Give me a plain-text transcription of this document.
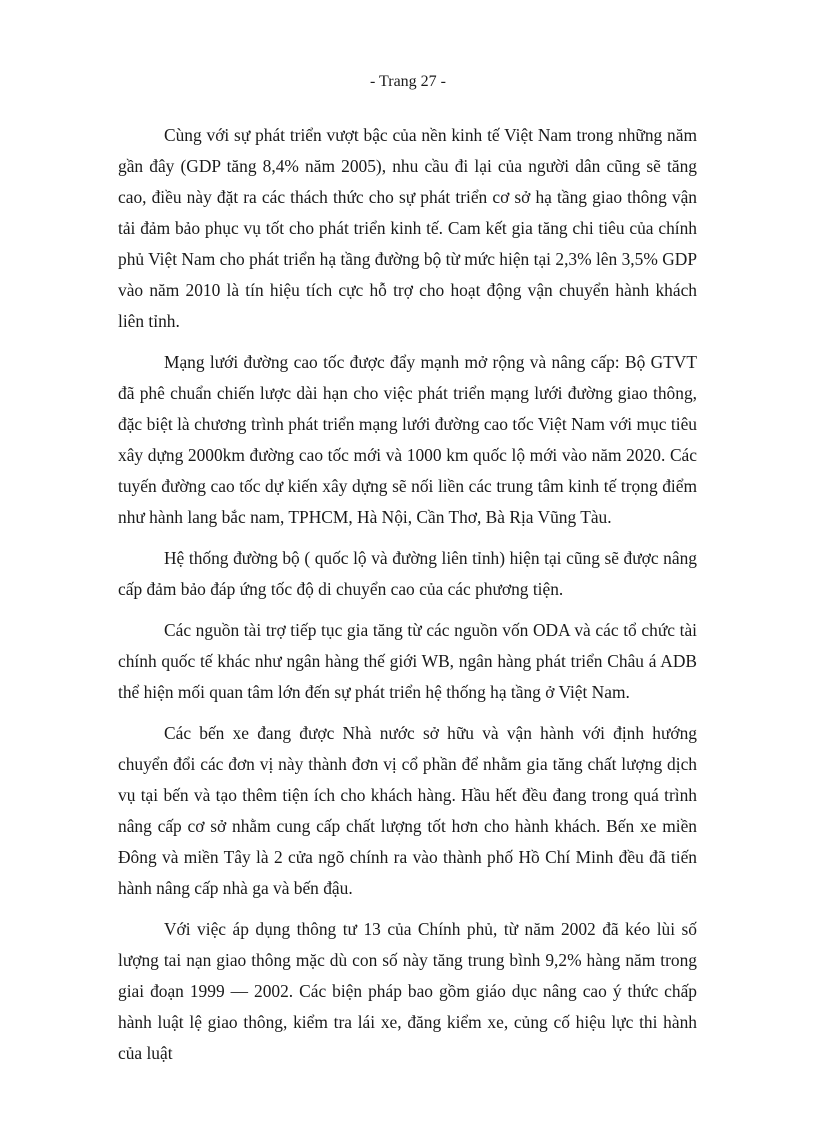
- Trang 27 -

Cùng với sự phát triển vượt bậc của nền kinh tế Việt Nam trong những năm gần đây (GDP tăng 8,4% năm 2005), nhu cầu đi lại của người dân cũng sẽ tăng cao, điều này đặt ra các thách thức cho sự phát triển cơ sở hạ tầng giao thông vận tải đảm bảo phục vụ tốt cho phát triển kinh tế. Cam kết gia tăng chi tiêu của chính phủ Việt Nam cho phát triển hạ tầng đường bộ từ mức hiện tại 2,3% lên 3,5% GDP vào năm 2010 là tín hiệu tích cực hỗ trợ cho hoạt động vận chuyển hành khách liên tỉnh.

Mạng lưới đường cao tốc được đẩy mạnh mở rộng và nâng cấp: Bộ GTVT đã phê chuẩn chiến lược dài hạn cho việc phát triển mạng lưới đường giao thông, đặc biệt là chương trình phát triển mạng lưới đường cao tốc Việt Nam với mục tiêu xây dựng 2000km đường cao tốc mới và 1000 km quốc lộ mới vào năm 2020. Các tuyến đường cao tốc dự kiến xây dựng sẽ nối liền các trung tâm kinh tế trọng điểm như hành lang bắc nam, TPHCM, Hà Nội, Cần Thơ, Bà Rịa Vũng Tàu.

Hệ thống đường bộ ( quốc lộ và đường liên tỉnh) hiện tại cũng sẽ được nâng cấp đảm bảo đáp ứng tốc độ di chuyển cao của các phương tiện.

Các nguồn tài trợ tiếp tục gia tăng từ các nguồn vốn ODA và các tổ chức tài chính quốc tế khác như ngân hàng thế giới WB, ngân hàng phát triển Châu á ADB thể hiện mối quan tâm lớn đến sự phát triển hệ thống hạ tầng ở Việt Nam.

Các bến xe đang được Nhà nước sở hữu và vận hành với định hướng chuyển đổi các đơn vị này thành đơn vị cổ phần để nhằm gia tăng chất lượng dịch vụ tại bến và tạo thêm tiện ích cho khách hàng. Hầu hết đều đang trong quá trình nâng cấp cơ sở nhằm cung cấp chất lượng tốt hơn cho hành khách. Bến xe miền Đông và miền Tây là 2 cửa ngõ chính ra vào thành phố Hồ Chí Minh đều đã tiến hành nâng cấp nhà ga và bến đậu.

Với việc áp dụng thông tư 13 của Chính phủ, từ năm 2002 đã kéo lùi số lượng tai nạn giao thông mặc dù con số này tăng trung bình 9,2% hàng năm trong giai đoạn 1999 — 2002. Các biện pháp bao gồm giáo dục nâng cao ý thức chấp hành luật lệ giao thông, kiểm tra lái xe, đăng kiểm xe, củng cố hiệu lực thi hành của luật
